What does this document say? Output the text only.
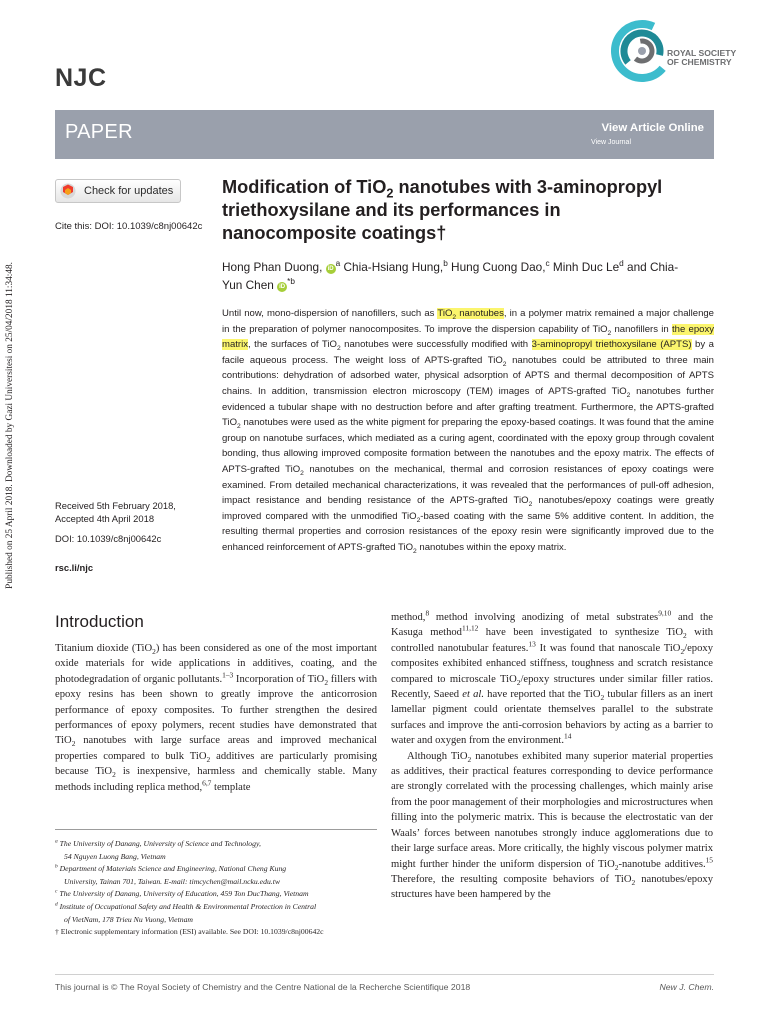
Published on 25 April 2018. Downloaded by Gazi Universitesi on 25/04/2018 11:34:48.
NJC
ROYAL SOCIETY
OF CHEMISTRY
PAPER	View Article Online
View Journal
Check for updates
Cite this: DOI: 10.1039/c8nj00642c
Modification of TiO$_2$ nanotubes with 3-aminopropyl triethoxysilane and its performances in nanocomposite coatings†
Hong Phan Duong, $iD^a$ Chia-Hsiang Hung,$^b$ Hung Cuong Dao,$^c$ Minh Duc Le$^d$ and Chia-Yun Chen $iD^{*b}$

Until now, mono-dispersion of nanofillers, such as TiO$_2$ nanotubes, in a polymer matrix remained a major challenge in the preparation of polymer nanocomposites. To improve the dispersion capability of TiO$_2$ nanofillers in the epoxy matrix, the surfaces of TiO$_2$ nanotubes were successfully modified with 3-aminopropyl triethoxysilane (APTS) by a facile aqueous process. The weight loss of APTS-grafted TiO$_2$ nanotubes could be attributed to three main contributions: dehydration of adsorbed water, physical adsorption of APTS and thermal decomposition of APTS chains. In addition, transmission electron microscopy (TEM) images of APTS-grafted TiO$_2$ nanotubes further evidenced a tubular shape with no destruction before and after grafting treatment. Furthermore, the APTS-grafted TiO$_2$ nanotubes were used as the white pigment for preparing the epoxy-based coatings. It was found that the amine group on nanotube surfaces, which mediated as a curing agent, coordinated with the epoxy group through covalent bonding, thus allowing improved composite formation between the nanotubes and the epoxy matrix. The effects of APTS-grafted TiO$_2$ nanotubes on the mechanical, thermal and corrosion resistances of epoxy coatings were examined. From detailed mechanical characterizations, it was revealed that the performances of pull-off adhesion, impact resistance and bending resistance of the APTS-grafted TiO$_2$ nanotubes/epoxy coatings were greatly improved compared with the unmodified TiO$_2$-based coating with the same 5% additive content. In addition, the resulting thermal properties and corrosion resistances of the epoxy resin were significantly improved due to the enhanced reinforcement of APTS-grafted TiO$_2$ nanotubes within the epoxy matrix.

Received 5th February 2018,
Accepted 4th April 2018
DOI: 10.1039/c8nj00642c
rsc.li/njc
Introduction

Titanium dioxide (TiO$_2$) has been considered as one of the most important oxide materials for wide applications in additives, coating, and the photodegradation of organic pollutants.$^{1-3}$ Incorporation of TiO$_2$ fillers with epoxy resins has been shown to greatly improve the anticorrosion performance of epoxy composites. To further strengthen the desired performances of epoxy polymers, recent studies have demonstrated that TiO$_2$ nanotubes with large surface areas and improved mechanical properties compared to bulk TiO$_2$ additives are particularly promising because TiO$_2$ is inexpensive, harmless and chemically stable. Many methods including replica method,$^{6,7}$ template

method,$^8$ method involving anodizing of metal substrates$^{9,10}$ and the Kasuga method$^{11,12}$ have been investigated to synthesize TiO$_2$ with controlled nanotubular features.$^{13}$ It was found that nanoscale TiO$_2$/epoxy composites exhibited enhanced stiffness, toughness and scratch resistance compared to microscale TiO$_2$/epoxy structures under similar filler ratios. Recently, Saeed et al. have reported that the TiO$_2$ tubular fillers as an inert lamellar pigment could orientate themselves parallel to the substrate surfaces and improve the anti-corrosion behaviors by acting as a barrier to water and oxygen from the environment.$^{14}$

Although TiO$_2$ nanotubes exhibited many superior material properties as additives, their practical features corresponding to device performance are strongly correlated with the processing challenges, which mainly arise from the poor management of their morphologies and microstructures when filling into the polymeric matrix. This is because the electrostatic van der Waals’ forces between nanotubes strongly induce agglomerations due to their large surface areas. More critically, the highly viscous polymer matrix might further hinder the uniform dispersion of TiO$_2$-nanotube additives.$^{15}$ Therefore, the resulting composite behaviors of TiO$_2$ nanotubes/epoxy structures have been hampered by the

$^a$ The University of Danang, University of Science and Technology,
54 Nguyen Luong Bang, Vietnam
$^b$ Department of Materials Science and Engineering, National Cheng Kung
University, Tainan 701, Taiwan. E-mail: timcychen@mail.ncku.edu.tw
$^c$ The University of Danang, University of Education, 459 Ton DucThang, Vietnam
$^d$ Institute of Occupational Safety and Health & Environmental Protection in Central
of VietNam, 178 Trieu Nu Vuong, Vietnam
† Electronic supplementary information (ESI) available. See DOI: 10.1039/c8nj00642c
This journal is © The Royal Society of Chemistry and the Centre National de la Recherche Scientifique 2018	New J. Chem.
